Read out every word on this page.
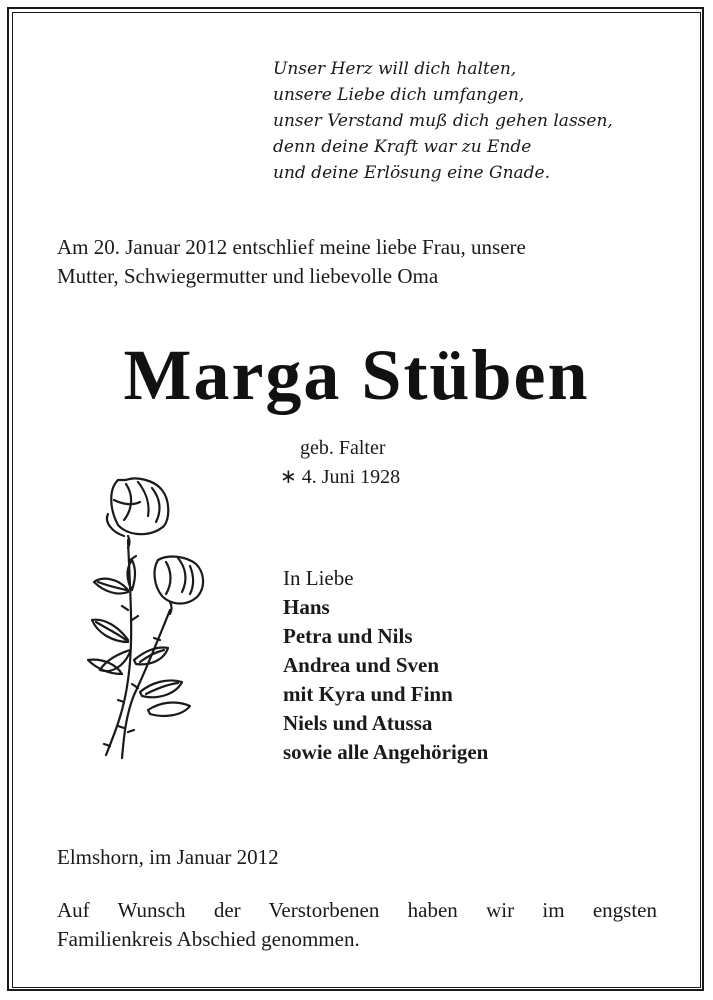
Unser Herz will dich halten,
unsere Liebe dich umfangen,
unser Verstand muß dich gehen lassen,
denn deine Kraft war zu Ende
und deine Erlösung eine Gnade.
Am 20. Januar 2012 entschlief meine liebe Frau, unsere
Mutter, Schwiegermutter und liebevolle Oma
Marga Stüben
geb. Falter
∗ 4. Juni 1928
In Liebe
Hans
Petra und Nils
Andrea und Sven
mit Kyra und Finn
Niels und Atussa
sowie alle Angehörigen
Elmshorn, im Januar 2012
Auf Wunsch der Verstorbenen haben wir im engsten
Familienkreis Abschied genommen.
